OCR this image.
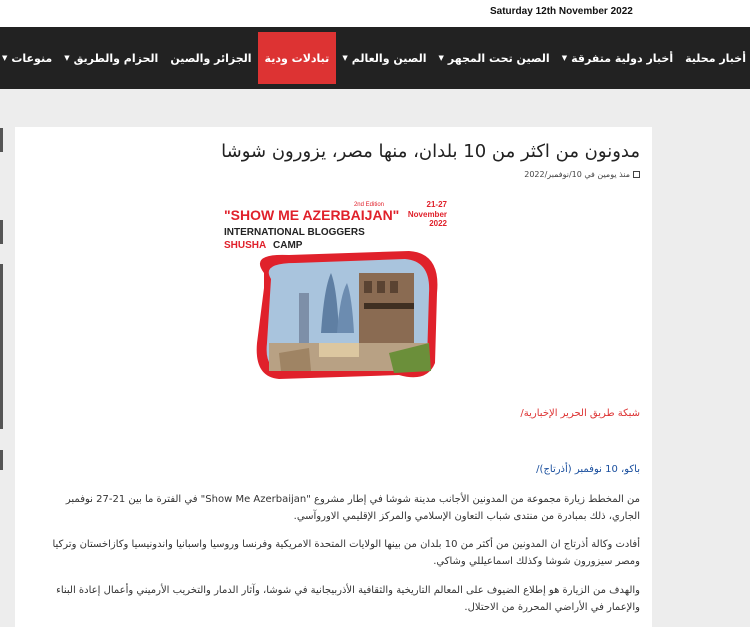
Saturday 12th November 2022
أخبار محلية
أخبار دولية متفرقة
▼
الصين تحت المجهر
▼
الصين والعالم
▼
تبادلات ودية
الجزائر والصين
الحزام والطريق
▼
منوعات
▼
مدونون من اكثر من 10 بلدان، منها مصر، يزورون شوشا
منذ يومين في 10/نوفمبر/2022
2nd Edition
"SHOW ME AZERBAIJAN"
INTERNATIONAL BLOGGERS
SHUSHA CAMP
21-27
November
2022
شبكة طريق الحرير الإخبارية/
باكو، 10 نوفمبر (أذرتاج)/
من المخطط زيارة مجموعة من المدونين الأجانب مدينة شوشا في إطار مشروع "Show Me Azerbaijan" في الفترة ما بين 21-27 نوفمبر الجاري، ذلك بمبادرة من منتدى شباب التعاون الإسلامي والمركز الإقليمي الاوروآسي.
أفادت وكالة أذرتاج ان المدونين من أكثر من 10 بلدان من بينها الولايات المتحدة الامريكية وفرنسا وروسيا واسبانيا واندونيسيا وكازاخستان وتركيا ومصر سيزورون شوشا وكذلك اسماعيللي وشاكي.
والهدف من الزيارة هو إطلاع الضيوف على المعالم التاريخية والثقافية الأذربيجانية في شوشا، وآثار الدمار والتخريب الأرميني وأعمال إعادة البناء والإعمار في الأراضي المحررة من الاحتلال.
